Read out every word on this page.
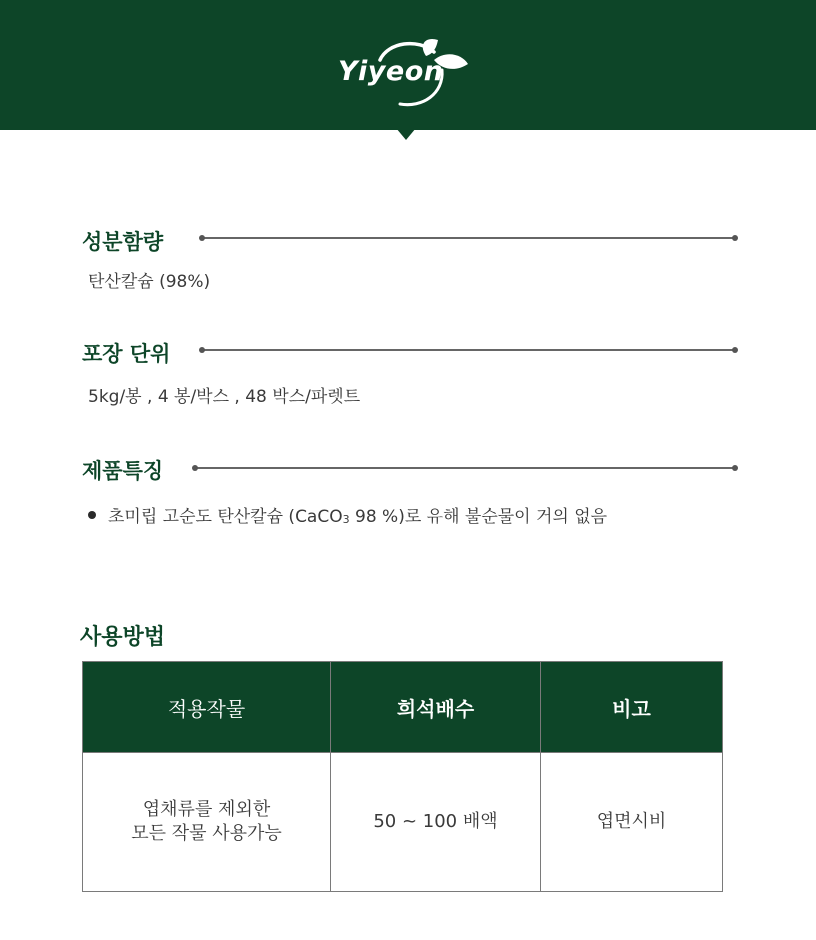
Yiyeon
성분함량
탄산칼슘 (98%)
포장 단위
5kg/봉 , 4 봉/박스 , 48 박스/파렛트
제품특징
초미립 고순도 탄산칼슘 (CaCO$_3$ 98 %)로 유해 불순물이 거의 없음
사용방법
적용작물	희석배수	비고

엽채류를 제외한
모든 작물 사용가능	50 ~ 100 배액	엽면시비
